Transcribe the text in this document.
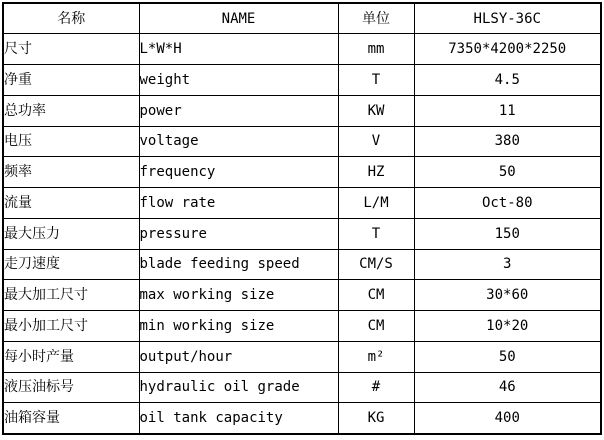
名称	NAME	单位	HLSY-36C
尺寸	L*W*H	mm	7350*4200*2250
净重	weight	T	4.5
总功率	power	KW	11
电压	voltage	V	380
频率	frequency	HZ	50
流量	flow rate	L/M	Oct-80
最大压力	pressure	T	150
走刀速度	blade feeding speed	CM/S	3
最大加工尺寸	max working size	CM	30*60
最小加工尺寸	min working size	CM	10*20
每小时产量	output/hour	m²	50
液压油标号	hydraulic oil grade	#	46
油箱容量	oil tank capacity	KG	400
